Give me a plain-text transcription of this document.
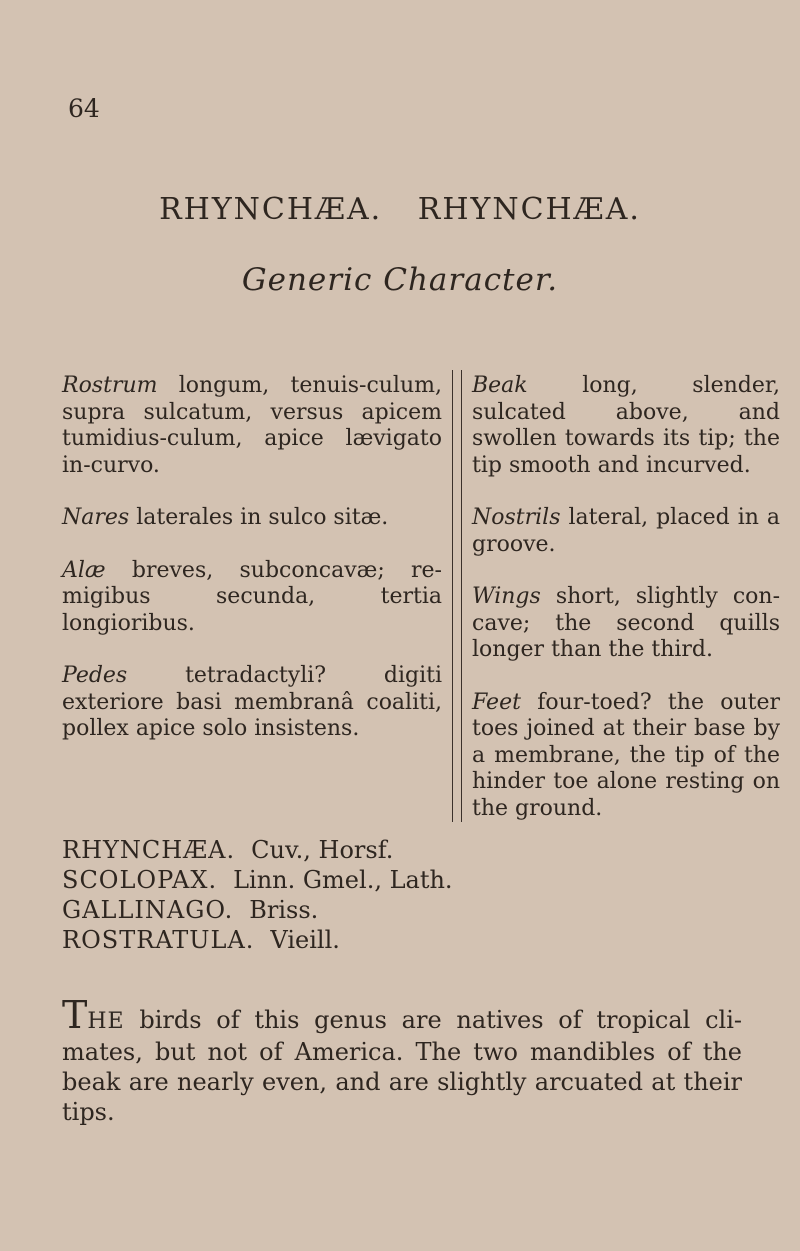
64
RHYNCHÆA. RHYNCHÆA.
Generic Character.

Rostrum longum, tenuis-culum, supra sulcatum, versus apicem tumidius-culum, apice lævigato in-curvo.

Nares laterales in sulco sitæ.

Alæ breves, subconcavæ; re-migibus secunda, tertia longioribus.

Pedes tetradactyli? digiti exteriore basi membranâ coaliti, pollex apice solo insistens.

Beak long, slender, sulcated above, and swollen towards its tip; the tip smooth and incurved.

Nostrils lateral, placed in a groove.

Wings short, slightly con-cave; the second quills longer than the third.

Feet four-toed? the outer toes joined at their base by a membrane, the tip of the hinder toe alone resting on the ground.

RHYNCHÆA. Cuv., Horsf.
SCOLOPAX. Linn. Gmel., Lath.
GALLINAGO. Briss.
ROSTRATULA. Vieill.

THE birds of this genus are natives of tropical cli-mates, but not of America. The two mandibles of the beak are nearly even, and are slightly arcuated at their tips.
